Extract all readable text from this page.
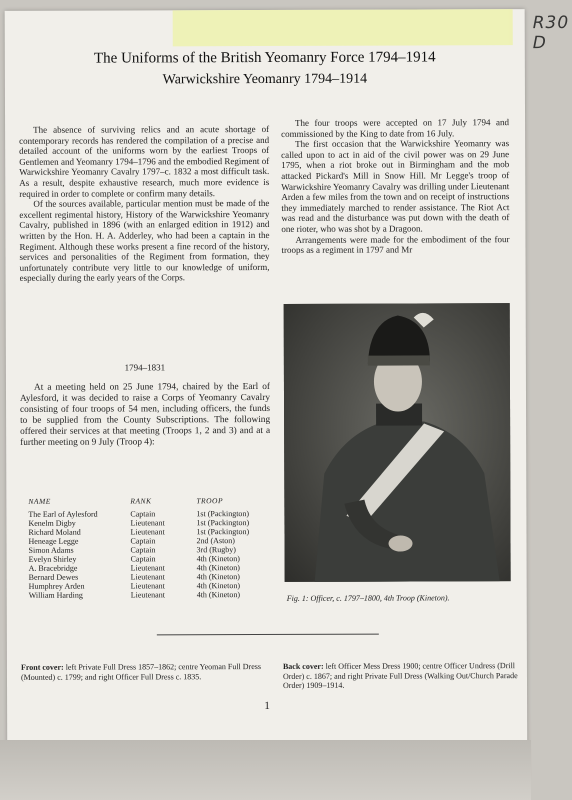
R30 D
The Uniforms of the British Yeomanry Force 1794–1914
Warwickshire Yeomanry 1794–1914

The absence of surviving relics and an acute shortage of contemporary records has rendered the compilation of a precise and detailed account of the uniforms worn by the earliest Troops of Gentlemen and Yeomanry 1794–1796 and the embodied Regiment of Warwickshire Yeomanry Cavalry 1797–c. 1832 a most difficult task. As a result, despite exhaustive research, much more evidence is required in order to complete or confirm many details.

Of the sources available, particular mention must be made of the excellent regimental history, History of the Warwickshire Yeomanry Cavalry, published in 1896 (with an enlarged edition in 1912) and written by the Hon. H. A. Adderley, who had been a captain in the Regiment. Although these works present a fine record of the history, services and personalities of the Regiment from formation, they unfortunately contribute very little to our knowledge of uniform, especially during the early years of the Corps.

1794–1831

At a meeting held on 25 June 1794, chaired by the Earl of Aylesford, it was decided to raise a Corps of Yeomanry Cavalry consisting of four troops of 54 men, including officers, the funds to be supplied from the County Subscriptions. The following offered their services at that meeting (Troops 1, 2 and 3) and at a further meeting on 9 July (Troop 4):

NAME	RANK	TROOP
The Earl of Aylesford	Captain	1st (Packington)
Kenelm Digby	Lieutenant	1st (Packington)
Richard Moland	Lieutenant	1st (Packington)
Heneage Legge	Captain	2nd (Aston)
Simon Adams	Captain	3rd (Rugby)
Evelyn Shirley	Captain	4th (Kineton)
A. Bracebridge	Lieutenant	4th (Kineton)
Bernard Dewes	Lieutenant	4th (Kineton)
Humphrey Arden	Lieutenant	4th (Kineton)
William Harding	Lieutenant	4th (Kineton)

The four troops were accepted on 17 July 1794 and commissioned by the King to date from 16 July.

The first occasion that the Warwickshire Yeomanry was called upon to act in aid of the civil power was on 29 June 1795, when a riot broke out in Birmingham and the mob attacked Pickard's Mill in Snow Hill. Mr Legge's troop of Warwickshire Yeomanry Cavalry was drilling under Lieutenant Arden a few miles from the town and on receipt of instructions they immediately marched to render assistance. The Riot Act was read and the disturbance was put down with the death of one rioter, who was shot by a Dragoon.

Arrangements were made for the embodiment of the four troops as a regiment in 1797 and Mr

Fig. 1: Officer, c. 1797–1800, 4th Troop (Kineton).
Front cover: left Private Full Dress 1857–1862; centre Yeoman Full Dress (Mounted) c. 1799; and right Officer Full Dress c. 1835.
Back cover: left Officer Mess Dress 1900; centre Officer Undress (Drill Order) c. 1867; and right Private Full Dress (Walking Out/Church Parade Order) 1909–1914.
1
